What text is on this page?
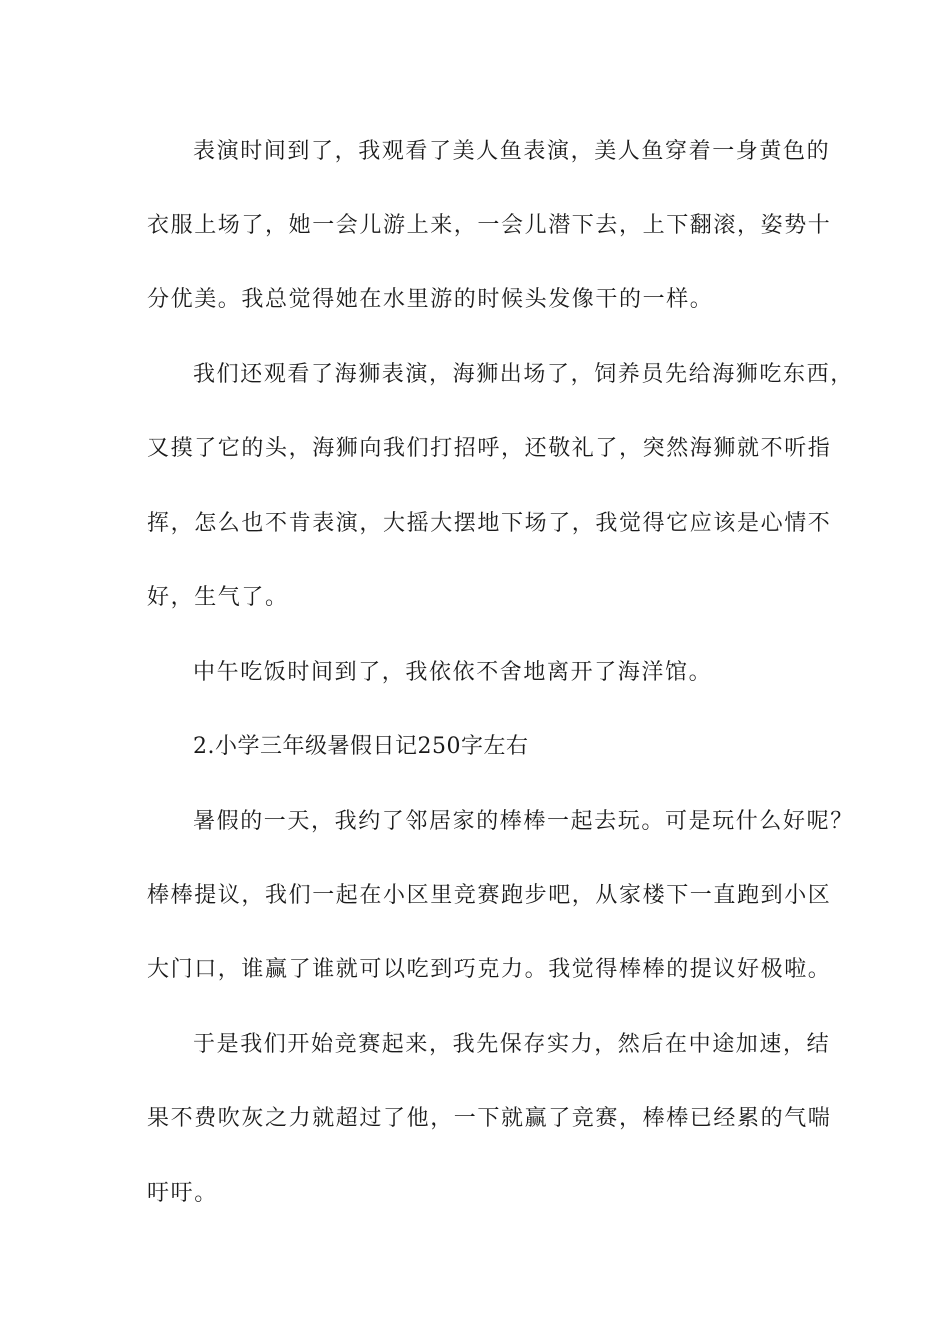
表演时间到了，我观看了美人鱼表演，美人鱼穿着一身黄色的
衣服上场了，她一会儿游上来，一会儿潜下去，上下翻滚，姿势十
分优美。我总觉得她在水里游的时候头发像干的一样。
我们还观看了海狮表演，海狮出场了，饲养员先给海狮吃东西，
又摸了它的头，海狮向我们打招呼，还敬礼了，突然海狮就不听指
挥，怎么也不肯表演，大摇大摆地下场了，我觉得它应该是心情不
好，生气了。
中午吃饭时间到了，我依依不舍地离开了海洋馆。
2.小学三年级暑假日记250字左右
暑假的一天，我约了邻居家的棒棒一起去玩。可是玩什么好呢？
棒棒提议，我们一起在小区里竞赛跑步吧，从家楼下一直跑到小区
大门口，谁赢了谁就可以吃到巧克力。我觉得棒棒的提议好极啦。
于是我们开始竞赛起来，我先保存实力，然后在中途加速，结
果不费吹灰之力就超过了他，一下就赢了竞赛，棒棒已经累的气喘
吁吁。
